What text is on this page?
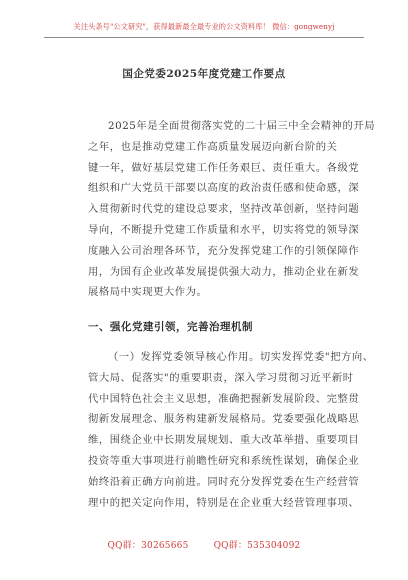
关注头条号"公文研究"，获得最新最全最专业的公文资料库！ 微信：gongwenyj
国企党委2025年度党建工作要点
2025年是全面贯彻落实党的二十届三中全会精神的开局
之年，也是推动党建工作高质量发展迈向新台阶的关
键一年，做好基层党建工作任务艰巨、责任重大。各级党
组织和广大党员干部要以高度的政治责任感和使命感，深
入贯彻新时代党的建设总要求，坚持改革创新，坚持问题
导向，不断提升党建工作质量和水平，切实将党的领导深
度融入公司治理各环节，充分发挥党建工作的引领保障作
用，为国有企业改革发展提供强大动力，推动企业在新发
展格局中实现更大作为。
一、强化党建引领，完善治理机制
（一）发挥党委领导核心作用。切实发挥党委"把方向、
管大局、促落实"的重要职责，深入学习贯彻习近平新时
代中国特色社会主义思想，准确把握新发展阶段、完整贯
彻新发展理念、服务构建新发展格局。党委要强化战略思
维，围绕企业中长期发展规划、重大改革举措、重要项目
投资等重大事项进行前瞻性研究和系统性谋划，确保企业
始终沿着正确方向前进。同时充分发挥党委在生产经营管
理中的把关定向作用，特别是在企业重大经营管理事项、
QQ群：30265665	QQ群：535304092
